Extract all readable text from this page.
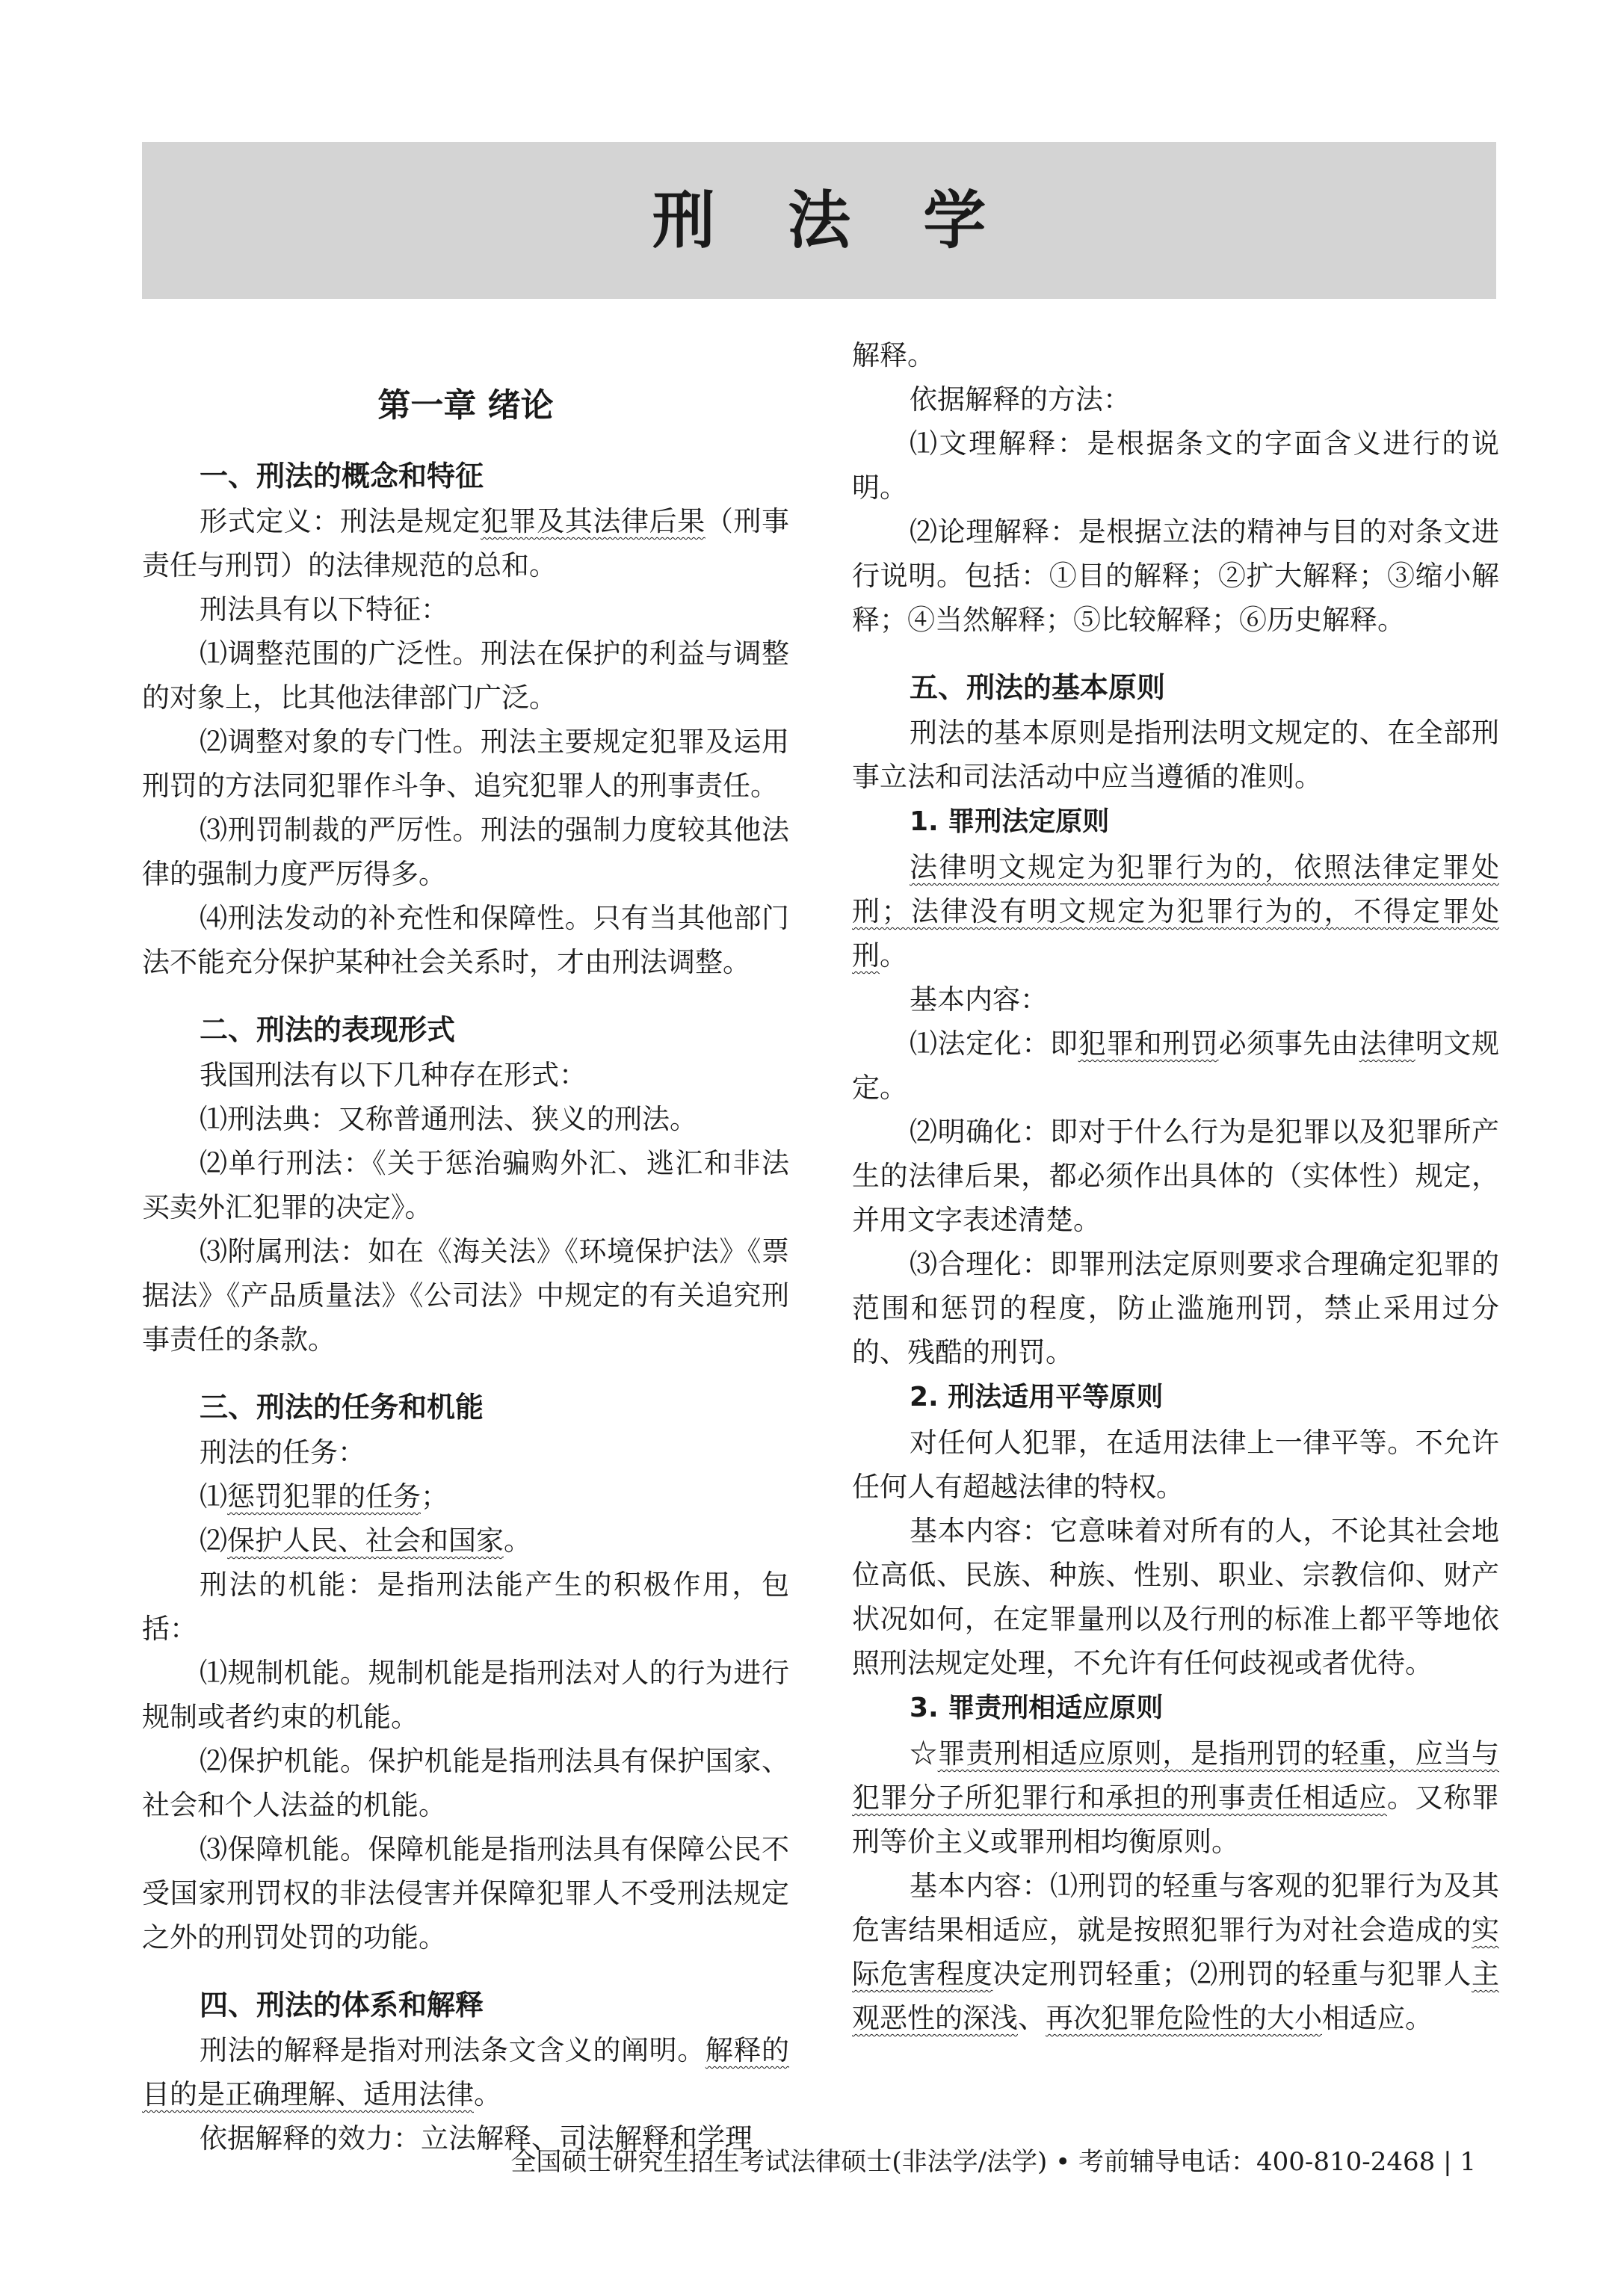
刑 法 学
第一章 绪论
一、刑法的概念和特征

形式定义：刑法是规定犯罪及其法律后果（刑事责任与刑罚）的法律规范的总和。

刑法具有以下特征：

⑴调整范围的广泛性。刑法在保护的利益与调整的对象上，比其他法律部门广泛。

⑵调整对象的专门性。刑法主要规定犯罪及运用刑罚的方法同犯罪作斗争、追究犯罪人的刑事责任。

⑶刑罚制裁的严厉性。刑法的强制力度较其他法律的强制力度严厉得多。

⑷刑法发动的补充性和保障性。只有当其他部门法不能充分保护某种社会关系时，才由刑法调整。

二、刑法的表现形式

我国刑法有以下几种存在形式：

⑴刑法典：又称普通刑法、狭义的刑法。

⑵单行刑法：《关于惩治骗购外汇、逃汇和非法买卖外汇犯罪的决定》。

⑶附属刑法：如在《海关法》《环境保护法》《票据法》《产品质量法》《公司法》中规定的有关追究刑事责任的条款。

三、刑法的任务和机能

刑法的任务：

⑴惩罚犯罪的任务；

⑵保护人民、社会和国家。

刑法的机能：是指刑法能产生的积极作用，包括：

⑴规制机能。规制机能是指刑法对人的行为进行规制或者约束的机能。

⑵保护机能。保护机能是指刑法具有保护国家、社会和个人法益的机能。

⑶保障机能。保障机能是指刑法具有保障公民不受国家刑罚权的非法侵害并保障犯罪人不受刑法规定之外的刑罚处罚的功能。

四、刑法的体系和解释

刑法的解释是指对刑法条文含义的阐明。解释的目的是正确理解、适用法律。

依据解释的效力：立法解释、司法解释和学理

解释。

依据解释的方法：

⑴文理解释：是根据条文的字面含义进行的说明。

⑵论理解释：是根据立法的精神与目的对条文进行说明。包括：①目的解释；②扩大解释；③缩小解释；④当然解释；⑤比较解释；⑥历史解释。

五、刑法的基本原则

刑法的基本原则是指刑法明文规定的、在全部刑事立法和司法活动中应当遵循的准则。

1. 罪刑法定原则

法律明文规定为犯罪行为的，依照法律定罪处刑；法律没有明文规定为犯罪行为的，不得定罪处刑。

基本内容：

⑴法定化：即犯罪和刑罚必须事先由法律明文规定。

⑵明确化：即对于什么行为是犯罪以及犯罪所产生的法律后果，都必须作出具体的（实体性）规定，并用文字表述清楚。

⑶合理化：即罪刑法定原则要求合理确定犯罪的范围和惩罚的程度，防止滥施刑罚，禁止采用过分的、残酷的刑罚。

2. 刑法适用平等原则

对任何人犯罪，在适用法律上一律平等。不允许任何人有超越法律的特权。

基本内容：它意味着对所有的人，不论其社会地位高低、民族、种族、性别、职业、宗教信仰、财产状况如何，在定罪量刑以及行刑的标准上都平等地依照刑法规定处理，不允许有任何歧视或者优待。

3. 罪责刑相适应原则

☆罪责刑相适应原则，是指刑罚的轻重，应当与犯罪分子所犯罪行和承担的刑事责任相适应。又称罪刑等价主义或罪刑相均衡原则。

基本内容：⑴刑罚的轻重与客观的犯罪行为及其危害结果相适应，就是按照犯罪行为对社会造成的实际危害程度决定刑罚轻重；⑵刑罚的轻重与犯罪人主观恶性的深浅、再次犯罪危险性的大小相适应。

全国硕士研究生招生考试法律硕士(非法学/法学) • 考前辅导电话：400-810-2468 | 1
